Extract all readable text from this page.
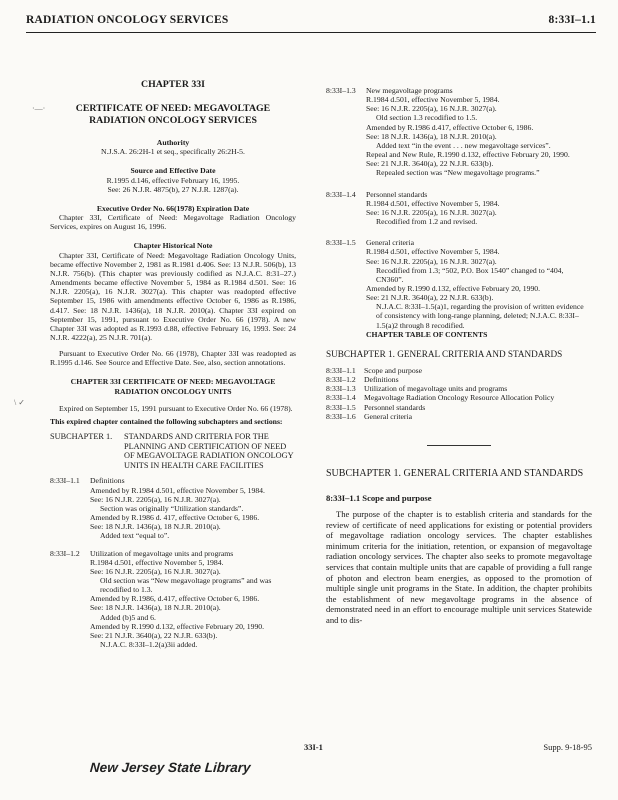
RADIATION ONCOLOGY SERVICES	8:33I–1.1
·—·
\ ✓
CHAPTER 33I
CERTIFICATE OF NEED: MEGAVOLTAGE RADIATION ONCOLOGY SERVICES
Authority
N.J.S.A. 26:2H-1 et seq., specifically 26:2H-5.
Source and Effective Date
R.1995 d.146, effective February 16, 1995.
See: 26 N.J.R. 4875(b), 27 N.J.R. 1287(a).
Executive Order No. 66(1978) Expiration Date

Chapter 33I, Certificate of Need: Megavoltage Radiation Oncology Services, expires on August 16, 1996.

Chapter Historical Note

Chapter 33I, Certificate of Need: Megavoltage Radiation Oncology Units, became effective November 2, 1981 as R.1981 d.406. See: 13 N.J.R. 506(b), 13 N.J.R. 756(b). (This chapter was previously codified as N.J.A.C. 8:31–27.) Amendments became effective November 5, 1984 as R.1984 d.501. See: 16 N.J.R. 2205(a), 16 N.J.R. 3027(a). This chapter was readopted effective September 15, 1986 with amendments effective October 6, 1986 as R.1986, d.417. See: 18 N.J.R. 1436(a), 18 N.J.R. 2010(a). Chapter 33I expired on September 15, 1991, pursuant to Executive Order No. 66 (1978). A new Chapter 33I was adopted as R.1993 d.88, effective February 16, 1993. See: 24 N.J.R. 4222(a), 25 N.J.R. 701(a).

Pursuant to Executive Order No. 66 (1978), Chapter 33I was readopted as R.1995 d.146. See Source and Effective Date. See, also, section annotations.

CHAPTER 33I CERTIFICATE OF NEED: MEGAVOLTAGE RADIATION ONCOLOGY UNITS

Expired on September 15, 1991 pursuant to Executive Order No. 66 (1978).

This expired chapter contained the following subchapters and sections:
SUBCHAPTER 1.	STANDARDS AND CRITERIA FOR THE PLANNING AND CERTIFICATION OF NEED OF MEGAVOLTAGE RADIATION ONCOLOGY UNITS IN HEALTH CARE FACILITIES
8:33I–1.1	Definitions
Amended by R.1984 d.501, effective November 5, 1984.
See: 16 N.J.R. 2205(a), 16 N.J.R. 3027(a).
Section was originally “Utilization standards”.
Amended by R.1986 d. 417, effective October 6, 1986.
See: 18 N.J.R. 1436(a), 18 N.J.R. 2010(a).
Added text “equal to”.
8:33I–1.2	Utilization of megavoltage units and programs
R.1984 d.501, effective November 5, 1984.
See: 16 N.J.R. 2205(a), 16 N.J.R. 3027(a).
Old section was “New megavoltage programs” and was recodified to 1.3.
Amended by R.1986, d.417, effective October 6, 1986.
See: 18 N.J.R. 1436(a), 18 N.J.R. 2010(a).
Added (b)5 and 6.
Amended by R.1990 d.132, effective February 20, 1990.
See: 21 N.J.R. 3640(a), 22 N.J.R. 633(b).
N.J.A.C. 8:33I–1.2(a)3ii added.
8:33I–1.3	New megavoltage programs
R.1984 d.501, effective November 5, 1984.
See: 16 N.J.R. 2205(a), 16 N.J.R. 3027(a).
Old section 1.3 recodified to 1.5.
Amended by R.1986 d.417, effective October 6, 1986.
See: 18 N.J.R. 1436(a), 18 N.J.R. 2010(a).
Added text “in the event . . . new megavoltage services”.
Repeal and New Rule, R.1990 d.132, effective February 20, 1990.
See: 21 N.J.R. 3640(a), 22 N.J.R. 633(b).
Repealed section was “New megavoltage programs.”
8:33I–1.4	Personnel standards
R.1984 d.501, effective November 5, 1984.
See: 16 N.J.R. 2205(a), 16 N.J.R. 3027(a).
Recodified from 1.2 and revised.
8:33I–1.5	General criteria
R.1984 d.501, effective November 5, 1984.
See: 16 N.J.R. 2205(a), 16 N.J.R. 3027(a).
Recodified from 1.3; “502, P.O. Box 1540” changed to “404, CN360”.
Amended by R.1990 d.132, effective February 20, 1990.
See: 21 N.J.R. 3640(a), 22 N.J.R. 633(b).
N.J.A.C. 8:33I–1.5(a)1, regarding the provision of written evidence of consistency with long-range planning, deleted; N.J.A.C. 8:33I–1.5(a)2 through 8 recodified.
CHAPTER TABLE OF CONTENTS
SUBCHAPTER 1. GENERAL CRITERIA AND STANDARDS
8:33I–1.1	Scope and purpose
8:33I–1.2	Definitions
8:33I–1.3	Utilization of megavoltage units and programs
8:33I–1.4	Megavoltage Radiation Oncology Resource Allocation Policy
8:33I–1.5	Personnel standards
8:33I–1.6	General criteria
SUBCHAPTER 1. GENERAL CRITERIA AND STANDARDS
8:33I–1.1 Scope and purpose

The purpose of the chapter is to establish criteria and standards for the review of certificate of need applications for existing or potential providers of megavoltage radiation oncology services. The chapter establishes minimum criteria for the initiation, retention, or expansion of megavoltage radiation oncology services. The chapter also seeks to promote megavoltage services that contain multiple units that are capable of providing a full range of photon and electron beam energies, as opposed to the promotion of multiple single unit programs in the State. In addition, the chapter prohibits the establishment of new megavoltage programs in the absence of demonstrated need in an effort to encourage multiple unit services Statewide and to dis-

33I-1	Supp. 9-18-95
New Jersey State Library
